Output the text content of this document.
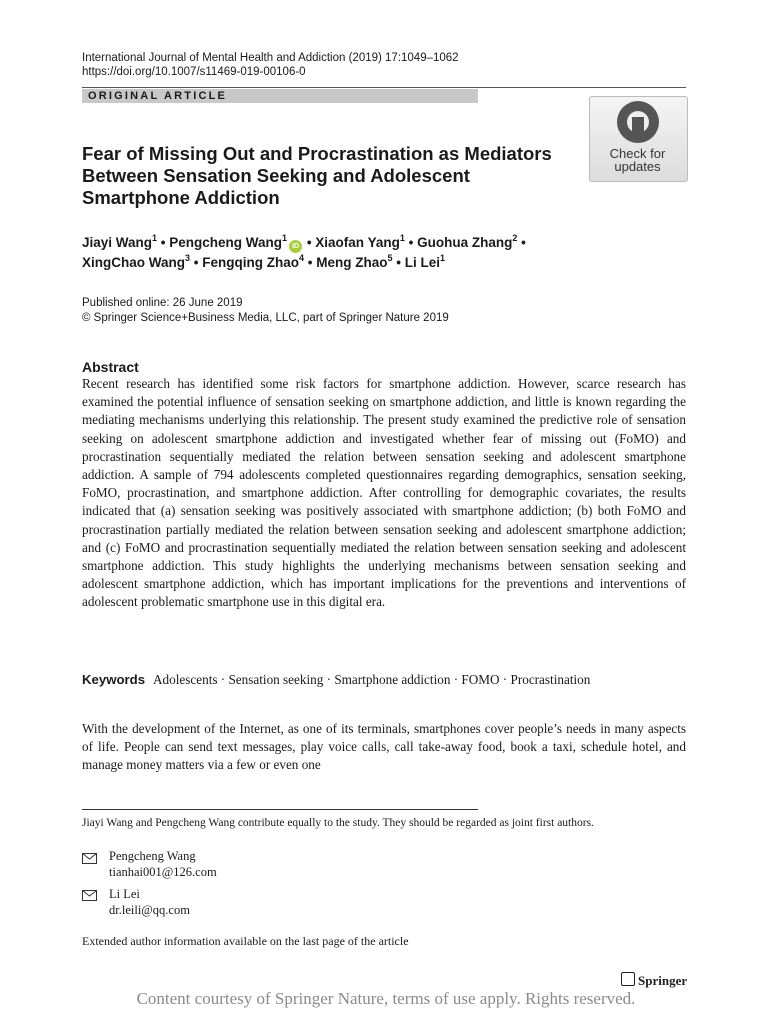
International Journal of Mental Health and Addiction (2019) 17:1049–1062
https://doi.org/10.1007/s11469-019-00106-0
ORIGINAL ARTICLE
Check for
updates
Fear of Missing Out and Procrastination as Mediators Between Sensation Seeking and Adolescent Smartphone Addiction
Jiayi Wang$^1$ • Pengcheng Wang$^1$iD • Xiaofan Yang$^1$ • Guohua Zhang$^2$ •
XingChao Wang$^3$ • Fengqing Zhao$^4$ • Meng Zhao$^5$ • Li Lei$^1$
Published online: 26 June 2019
© Springer Science+Business Media, LLC, part of Springer Nature 2019
Abstract
Recent research has identified some risk factors for smartphone addiction. However, scarce research has examined the potential influence of sensation seeking on smartphone addiction, and little is known regarding the mediating mechanisms underlying this relationship. The present study examined the predictive role of sensation seeking on adolescent smartphone addiction and investigated whether fear of missing out (FoMO) and procrastination sequentially mediated the relation between sensation seeking and adolescent smartphone addiction. A sample of 794 adolescents completed questionnaires regarding demographics, sensation seeking, FoMO, procrastination, and smartphone addiction. After controlling for demographic covariates, the results indicated that (a) sensation seeking was positively associated with smartphone addiction; (b) both FoMO and procrastination partially mediated the relation between sensation seeking and adolescent smartphone addiction; and (c) FoMO and procrastination sequentially mediated the relation between sensation seeking and adolescent smartphone addiction. This study highlights the underlying mechanisms between sensation seeking and adolescent smartphone addiction, which has important implications for the preventions and interventions of adolescent problematic smartphone use in this digital era.
Keywords Adolescents · Sensation seeking · Smartphone addiction · FOMO · Procrastination
With the development of the Internet, as one of its terminals, smartphones cover people’s needs in many aspects of life. People can send text messages, play voice calls, call take-away food, book a taxi, schedule hotel, and manage money matters via a few or even one
Jiayi Wang and Pengcheng Wang contribute equally to the study. They should be regarded as joint first authors.
Pengcheng Wang
tianhai001@126.com
Li Lei
dr.leili@qq.com
Extended author information available on the last page of the article
Springer
Content courtesy of Springer Nature, terms of use apply. Rights reserved.
